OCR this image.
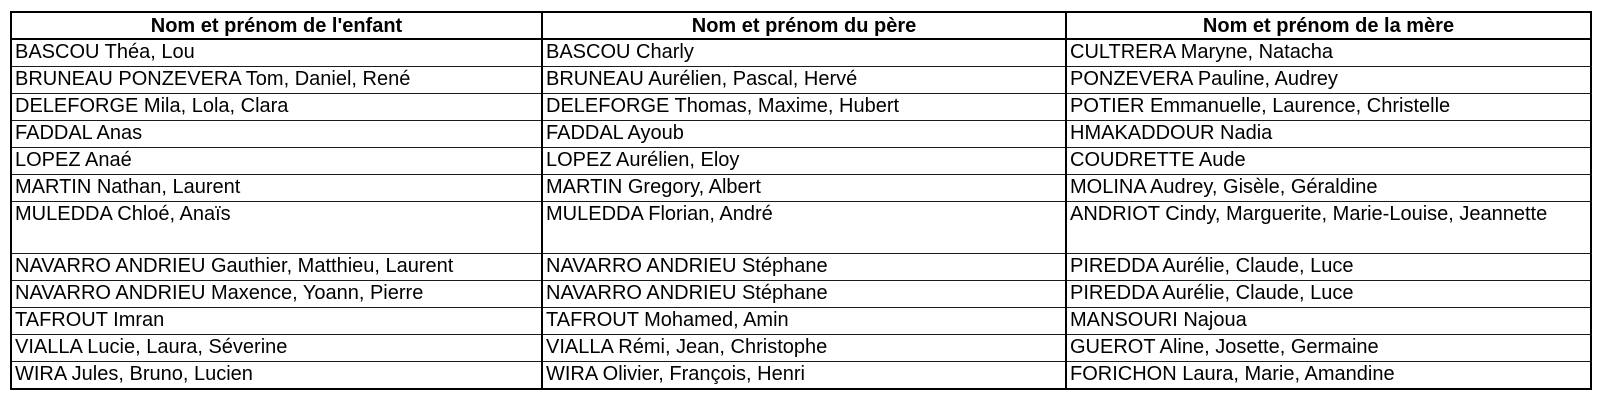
Nom et prénom de l'enfant	Nom et prénom du père	Nom et prénom de la mère
BASCOU Théa, Lou	BASCOU Charly	CULTRERA Maryne, Natacha
BRUNEAU PONZEVERA Tom, Daniel, René	BRUNEAU Aurélien, Pascal, Hervé	PONZEVERA Pauline, Audrey
DELEFORGE Mila, Lola, Clara	DELEFORGE Thomas, Maxime, Hubert	POTIER Emmanuelle, Laurence, Christelle
FADDAL Anas	FADDAL Ayoub	HMAKADDOUR Nadia
LOPEZ Anaé	LOPEZ Aurélien, Eloy	COUDRETTE Aude
MARTIN Nathan, Laurent	MARTIN Gregory, Albert	MOLINA Audrey, Gisèle, Géraldine
MULEDDA Chloé, Anaïs	MULEDDA Florian, André	ANDRIOT Cindy, Marguerite, Marie-Louise, Jeannette
NAVARRO ANDRIEU Gauthier, Matthieu, Laurent	NAVARRO ANDRIEU Stéphane	PIREDDA Aurélie, Claude, Luce
NAVARRO ANDRIEU Maxence, Yoann, Pierre	NAVARRO ANDRIEU Stéphane	PIREDDA Aurélie, Claude, Luce
TAFROUT Imran	TAFROUT Mohamed, Amin	MANSOURI Najoua
VIALLA Lucie, Laura, Séverine	VIALLA Rémi, Jean, Christophe	GUEROT Aline, Josette, Germaine
WIRA Jules, Bruno, Lucien	WIRA Olivier, François, Henri	FORICHON Laura, Marie, Amandine
